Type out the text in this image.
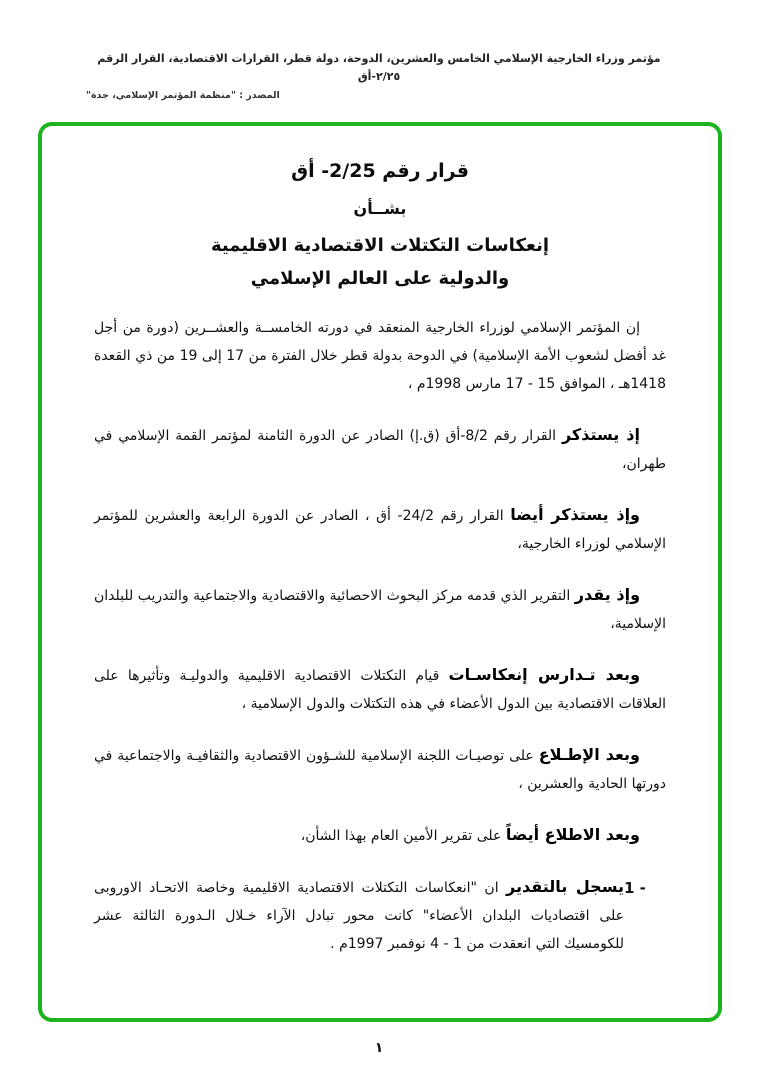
مؤتمر وزراء الخارجية الإسلامي الخامس والعشرين، الدوحة، دولة قطر، القرارات الاقتصادية، القرار الرقم ٢/٢٥-أق
المصدر : "منظمة المؤتمر الإسلامي، جدة"
قرار رقم 2/25- أق
بشــأن
إنعكاسات التكتلات الاقتصادية الاقليمية
والدولية على العالم الإسلامي

إن المؤتمر الإسلامي لوزراء الخارجية المنعقد في دورته الخامســة والعشــرين (دورة من أجل غد أفضل لشعوب الأمة الإسلامية) في الدوحة بدولة قطر خلال الفترة من 17 إلى 19 من ذي القعدة 1418هـ ، الموافق 15 - 17 مارس 1998م ،

إذ يستذكر القرار رقم 8/2-أق (ق.إ) الصادر عن الدورة الثامنة لمؤتمر القمة الإسلامي في طهران،

وإذ يستذكر أيضا القرار رقم 24/2- أق ، الصادر عن الدورة الرابعة والعشرين للمؤتمر الإسلامي لوزراء الخارجية،

وإذ يقدر التقرير الذي قدمه مركز البحوث الاحصائية والاقتصادية والاجتماعية والتدريب للبلدان الإسلامية،

وبعد تـدارس إنعكاسـات قيام التكتلات الاقتصادية الاقليمية والدوليـة وتأثيرها على العلاقات الاقتصادية بين الدول الأعضاء في هذه التكتلات والدول الإسلامية ،

وبعد الإطـلاع على توصيـات اللجنة الإسلامية للشـؤون الاقتصادية والثقافيـة والاجتماعية في دورتها الحادية والعشرين ،

وبعد الاطلاع أيضاً على تقرير الأمين العام بهذا الشأن،

1 -

يسجل بالتقدير ان "انعكاسات التكتلات الاقتصادية الاقليمية وخاصة الاتحـاد الاوروبى على اقتصاديات البلدان الأعضاء" كانت محور تبادل الآراء خـلال الـدورة الثالثة عشر للكومسيك التي انعقدت من 1 - 4 نوفمبر 1997م .

١
